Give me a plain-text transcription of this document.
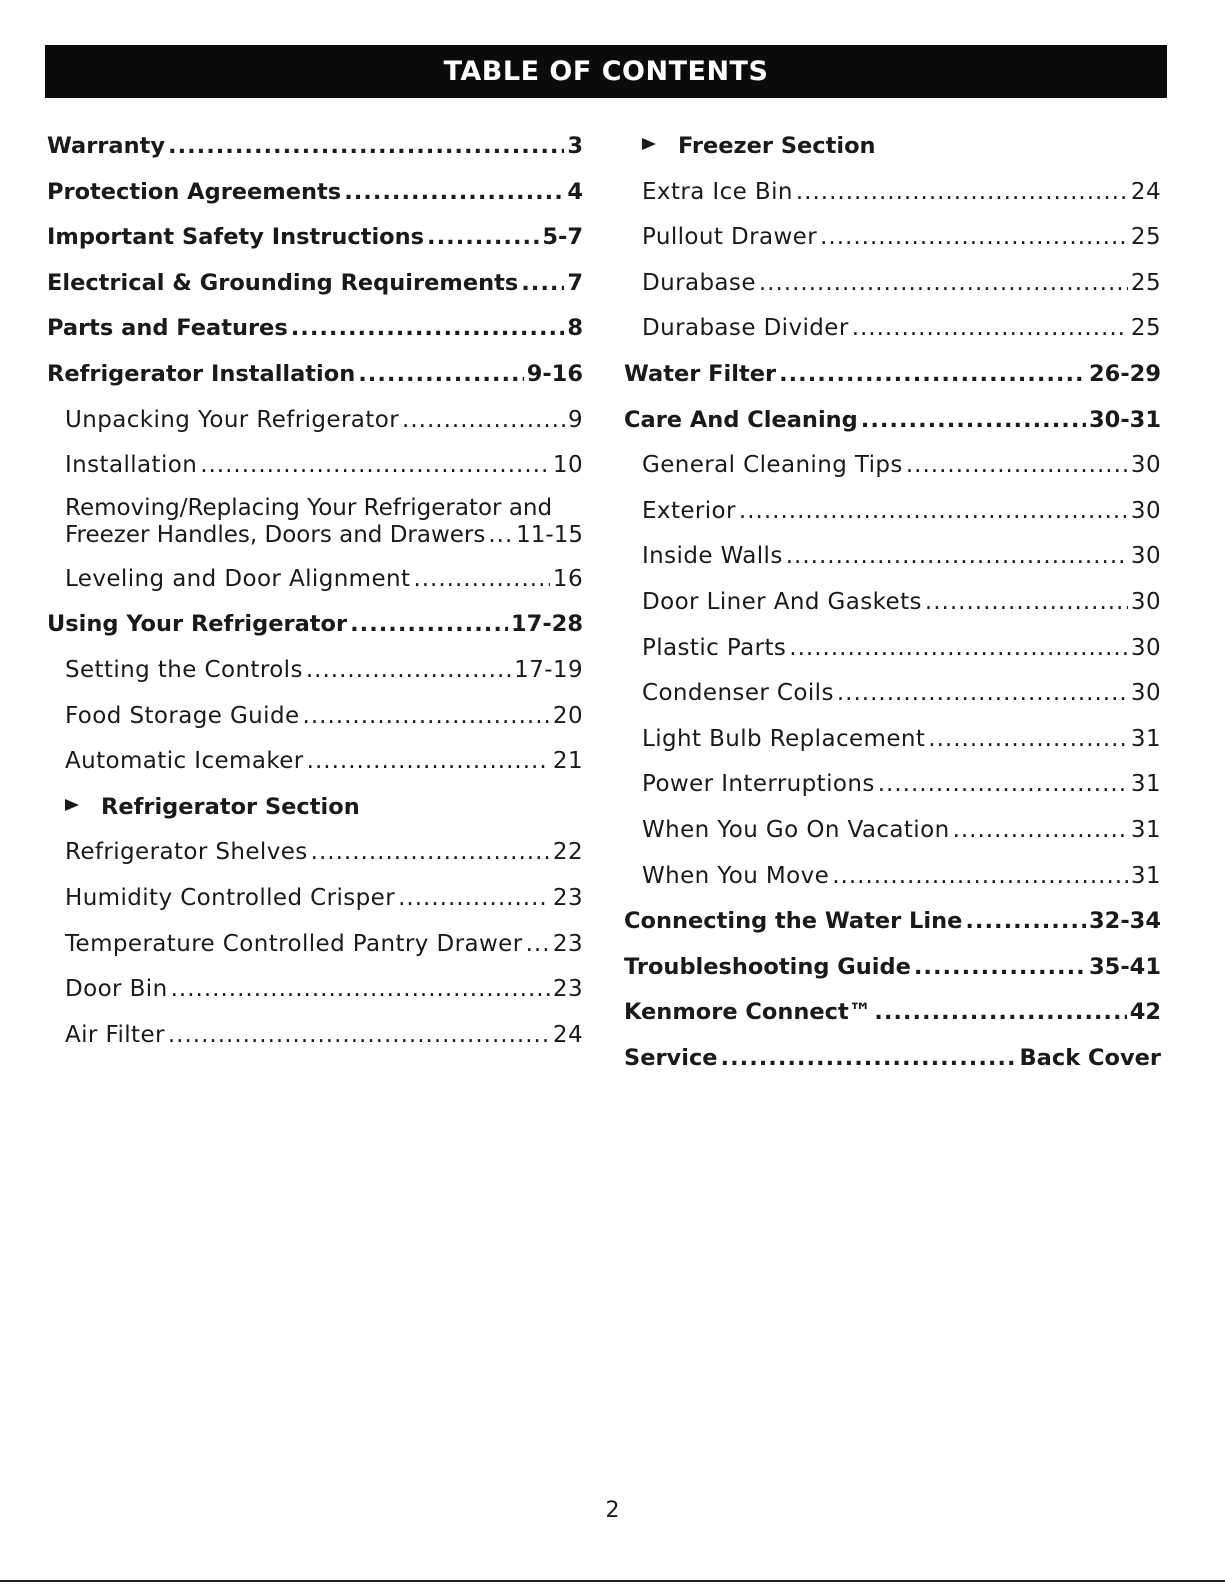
TABLE OF CONTENTS
Warranty .....	3
Protection Agreements .....	4
Important Safety Instructions .....	5-7
Electrical & Grounding Requirements ..... 7
Parts and Features .....	8
Refrigerator Installation .....	9-16
Unpacking Your Refrigerator .....	9
Installation .....	10
Removing/Replacing Your Refrigerator and
Freezer Handles, Doors and Drawers ..... 11-15
Leveling and Door Alignment .....	16
Using Your Refrigerator .....	17-28
Setting the Controls .....	17-19
Food Storage Guide .....	20
Automatic Icemaker .....	21
Refrigerator Section
Refrigerator Shelves .....	22
Humidity Controlled Crisper .....	23
Temperature Controlled Pantry Drawer ..... 23
Door Bin .....	23
Air Filter .....	24
Freezer Section
Extra Ice Bin .....	24
Pullout Drawer .....	25
Durabase .....	25
Durabase Divider .....	25
Water Filter .....	26-29
Care And Cleaning .....	30-31
General Cleaning Tips .....	30
Exterior .....	30
Inside Walls .....	30
Door Liner And Gaskets .....	30
Plastic Parts .....	30
Condenser Coils .....	30
Light Bulb Replacement .....	31
Power Interruptions .....	31
When You Go On Vacation .....	31
When You Move .....	31
Connecting the Water Line .....	32-34
Troubleshooting Guide .....	35-41
Kenmore Connect™ .....	42
Service .....	Back Cover
2
